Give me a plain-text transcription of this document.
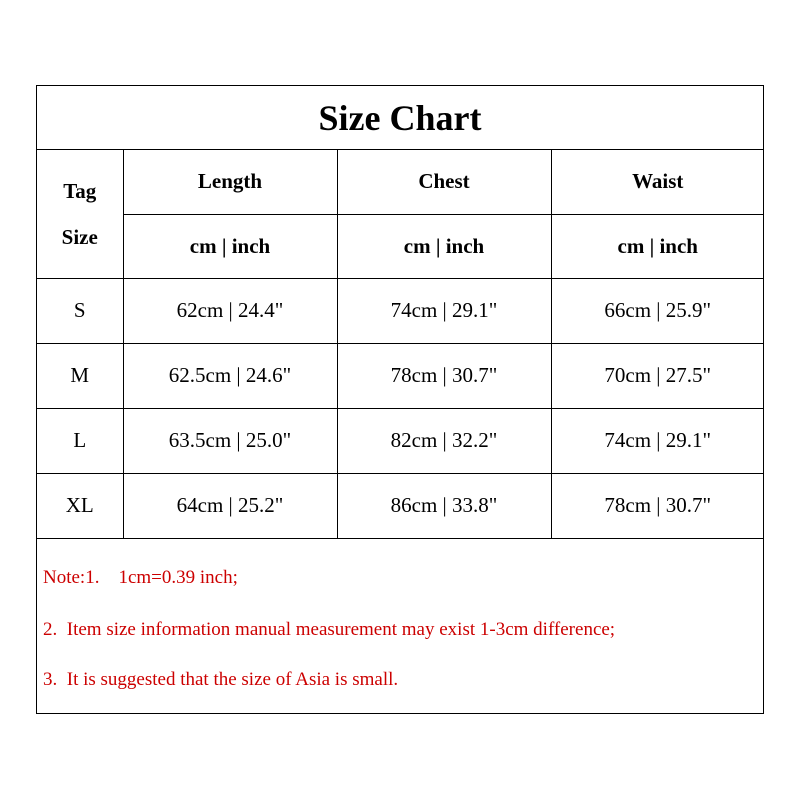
Size Chart
Tag
Size	Length	Chest	Waist
	cm | inch	cm | inch	cm | inch
S	62cm | 24.4"	74cm | 29.1"	66cm | 25.9"
M	62.5cm | 24.6"	78cm | 30.7"	70cm | 27.5"
L	63.5cm | 25.0"	82cm | 32.2"	74cm | 29.1"
XL	64cm | 25.2"	86cm | 33.8"	78cm | 30.7"
Note:1.    1cm=0.39 inch;
2.  Item size information manual measurement may exist 1-3cm difference;
3.  It is suggested that the size of Asia is small.
